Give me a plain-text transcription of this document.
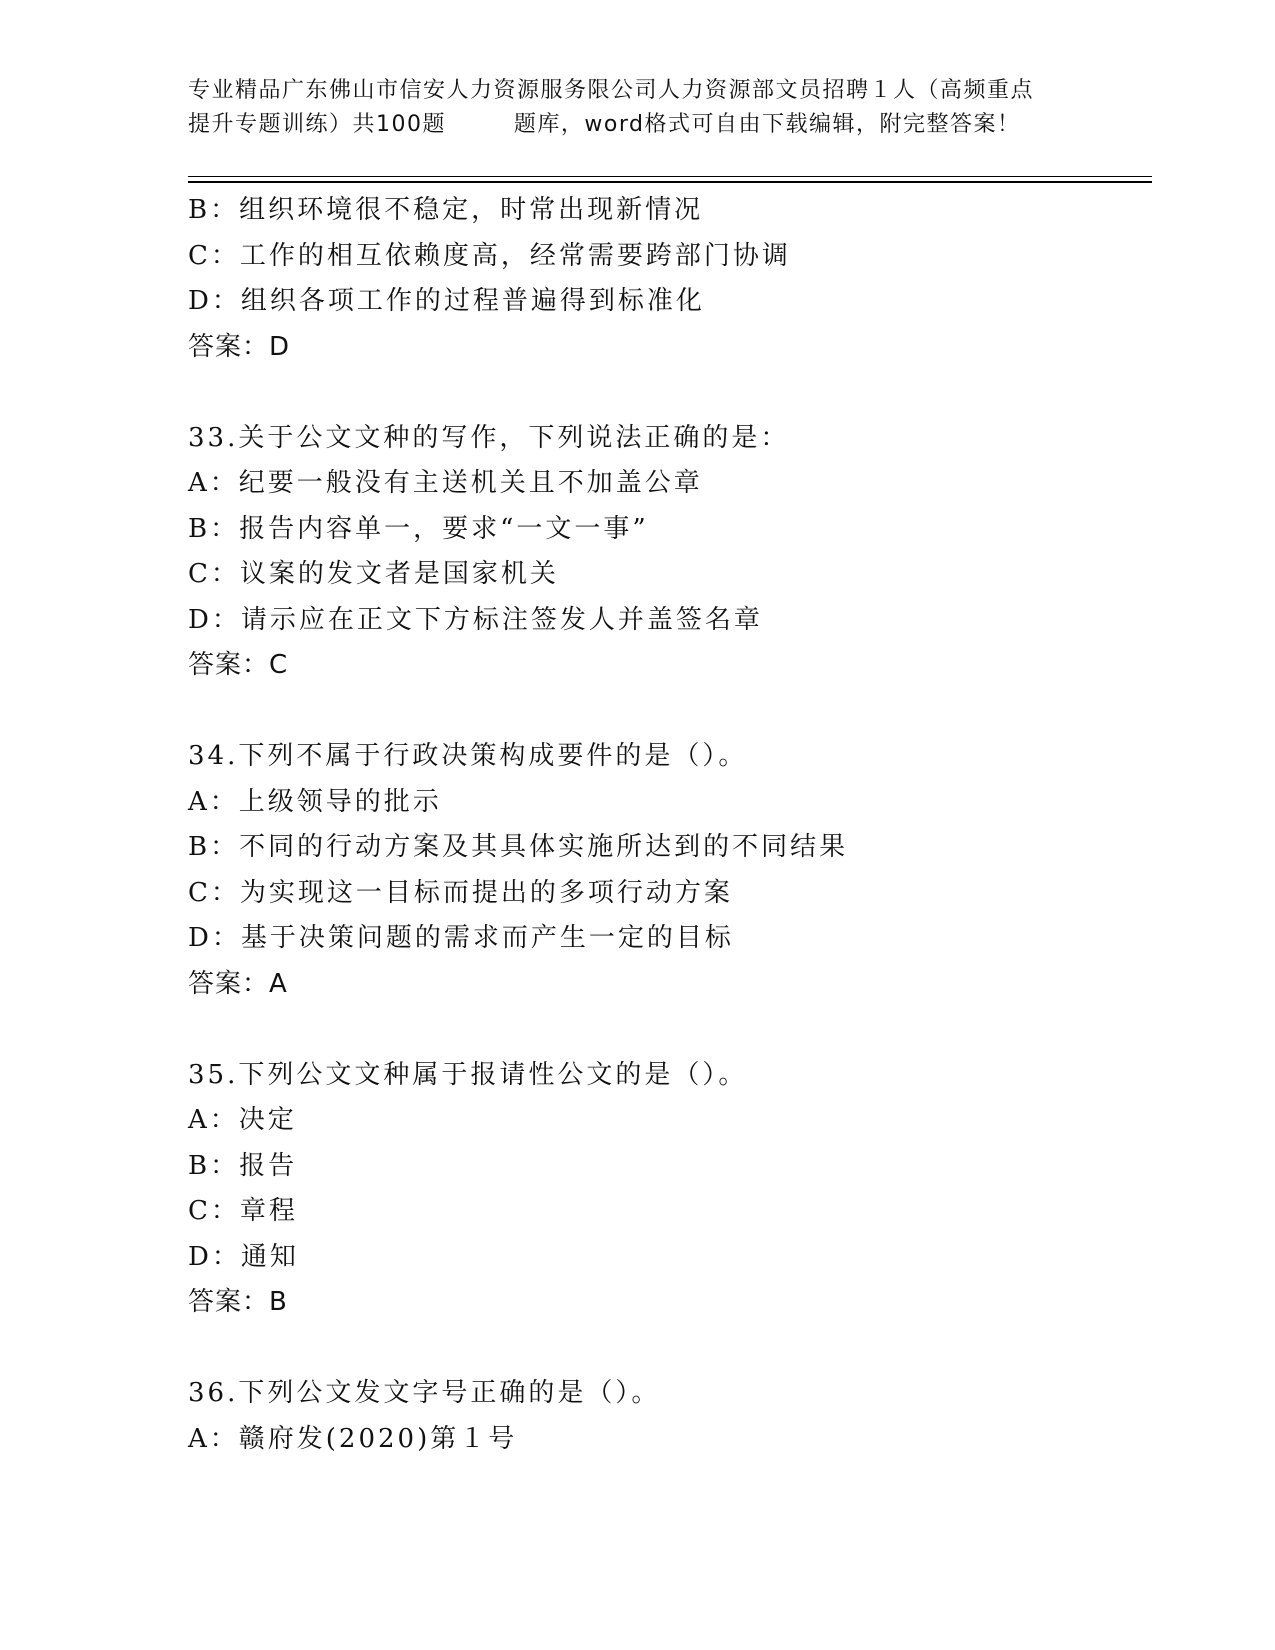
专业精品广东佛山市信安人力资源服务限公司人力资源部文员招聘１人（高频重点
提升专题训练）共100题        题库，word格式可自由下载编辑，附完整答案！
B：组织环境很不稳定，时常出现新情况
C：工作的相互依赖度高，经常需要跨部门协调
D：组织各项工作的过程普遍得到标准化
答案：D
33.关于公文文种的写作，下列说法正确的是：
A：纪要一般没有主送机关且不加盖公章
B：报告内容单一，要求“一文一事”
C：议案的发文者是国家机关
D：请示应在正文下方标注签发人并盖签名章
答案：C
34.下列不属于行政决策构成要件的是（）。
A：上级领导的批示
B：不同的行动方案及其具体实施所达到的不同结果
C：为实现这一目标而提出的多项行动方案
D：基于决策问题的需求而产生一定的目标
答案：A
35.下列公文文种属于报请性公文的是（）。
A：决定
B：报告
C：章程
D：通知
答案：B
36.下列公文发文字号正确的是（）。
A：赣府发(2020)第１号
